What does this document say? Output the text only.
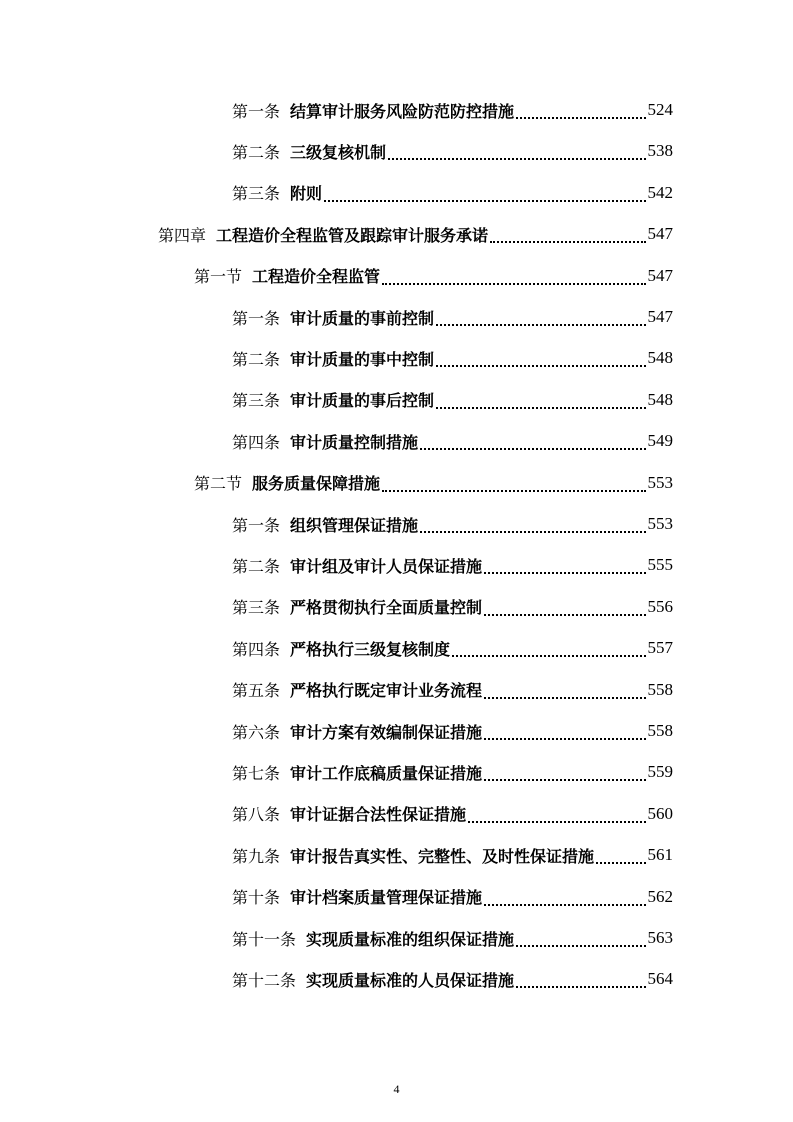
第一条 结算审计服务风险防范防控措施	524
第二条 三级复核机制	538
第三条 附则	542
第四章 工程造价全程监管及跟踪审计服务承诺	547
第一节 工程造价全程监管	547
第一条 审计质量的事前控制	547
第二条 审计质量的事中控制	548
第三条 审计质量的事后控制	548
第四条 审计质量控制措施	549
第二节 服务质量保障措施	553
第一条 组织管理保证措施	553
第二条 审计组及审计人员保证措施	555
第三条 严格贯彻执行全面质量控制	556
第四条 严格执行三级复核制度	557
第五条 严格执行既定审计业务流程	558
第六条 审计方案有效编制保证措施	558
第七条 审计工作底稿质量保证措施	559
第八条 审计证据合法性保证措施	560
第九条 审计报告真实性、完整性、及时性保证措施	561
第十条 审计档案质量管理保证措施	562
第十一条 实现质量标准的组织保证措施	563
第十二条 实现质量标准的人员保证措施	564
4
